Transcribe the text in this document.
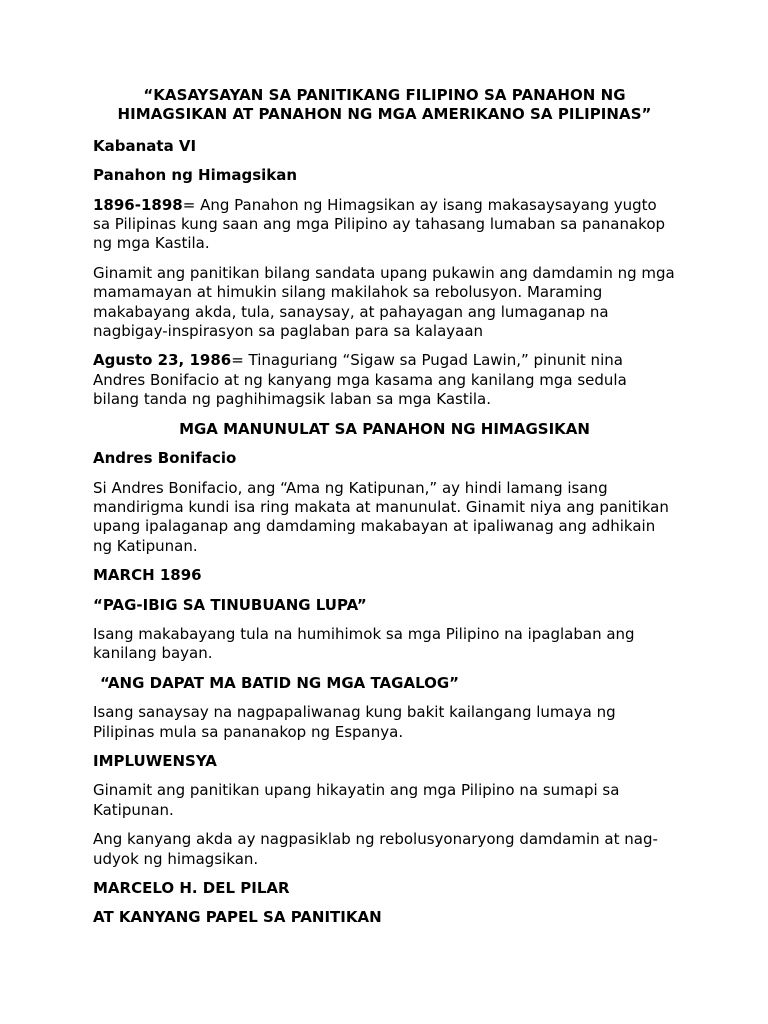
“KASAYSAYAN SA PANITIKANG FILIPINO SA PANAHON NG
HIMAGSIKAN AT PANAHON NG MGA AMERIKANO SA PILIPINAS”
Kabanata VI
Panahon ng Himagsikan

1896-1898= Ang Panahon ng Himagsikan ay isang makasaysayang yugto sa Pilipinas kung saan ang mga Pilipino ay tahasang lumaban sa pananakop ng mga Kastila.

Ginamit ang panitikan bilang sandata upang pukawin ang damdamin ng mga mamamayan at himukin silang makilahok sa rebolusyon. Maraming makabayang akda, tula, sanaysay, at pahayagan ang lumaganap na nagbigay-inspirasyon sa paglaban para sa kalayaan

Agusto 23, 1986= Tinaguriang “Sigaw sa Pugad Lawin,” pinunit nina Andres Bonifacio at ng kanyang mga kasama ang kanilang mga sedula bilang tanda ng paghihimagsik laban sa mga Kastila.

MGA MANUNULAT SA PANAHON NG HIMAGSIKAN
Andres Bonifacio

Si Andres Bonifacio, ang “Ama ng Katipunan,” ay hindi lamang isang mandirigma kundi isa ring makata at manunulat. Ginamit niya ang panitikan upang ipalaganap ang damdaming makabayan at ipaliwanag ang adhikain ng Katipunan.

MARCH 1896
“PAG-IBIG SA TINUBUANG LUPA”

Isang makabayang tula na humihimok sa mga Pilipino na ipaglaban ang kanilang bayan.

“ANG DAPAT MA BATID NG MGA TAGALOG”

Isang sanaysay na nagpapaliwanag kung bakit kailangang lumaya ng Pilipinas mula sa pananakop ng Espanya.

IMPLUWENSYA

Ginamit ang panitikan upang hikayatin ang mga Pilipino na sumapi sa Katipunan.

Ang kanyang akda ay nagpasiklab ng rebolusyonaryong damdamin at nag-udyok ng himagsikan.

MARCELO H. DEL PILAR
AT KANYANG PAPEL SA PANITIKAN
